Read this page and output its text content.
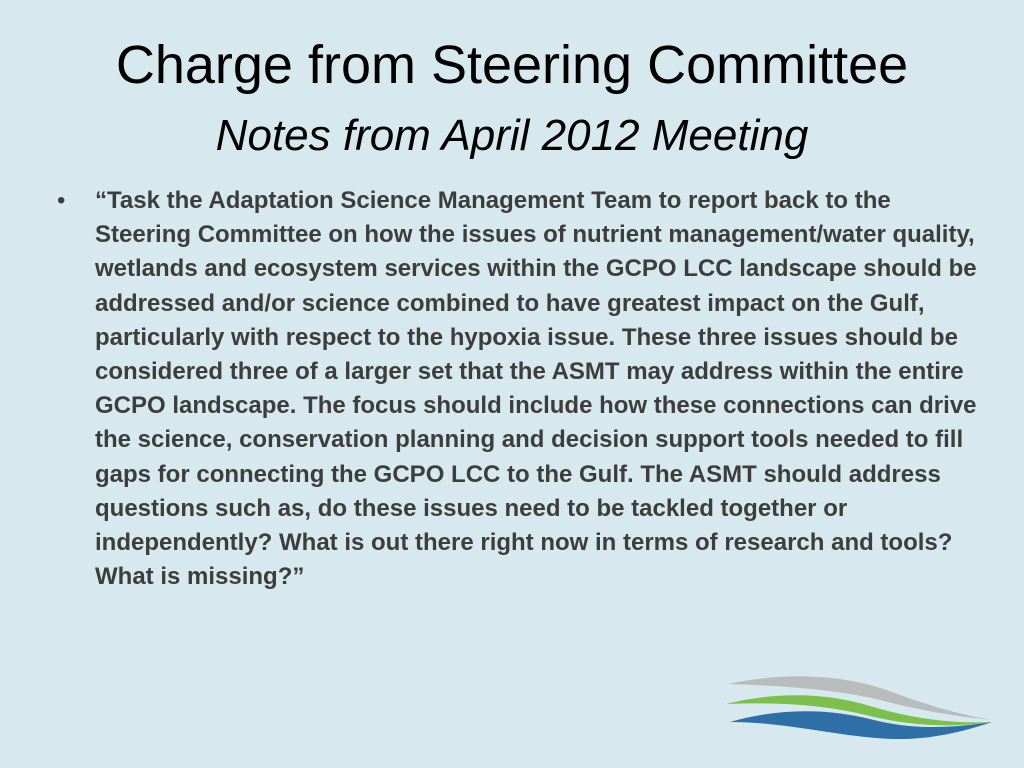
Charge from Steering Committee
Notes from April 2012 Meeting
• “Task the Adaptation Science Management Team to report back to the Steering Committee on how the issues of nutrient management/water quality, wetlands and ecosystem services within the GCPO LCC landscape should be addressed and/or science combined to have greatest impact on the Gulf, particularly with respect to the hypoxia issue. These three issues should be considered three of a larger set that the ASMT may address within the entire GCPO landscape. The focus should include how these connections can drive the science, conservation planning and decision support tools needed to fill gaps for connecting the GCPO LCC to the Gulf. The ASMT should address questions such as, do these issues need to be tackled together or independently? What is out there right now in terms of research and tools? What is missing?”
